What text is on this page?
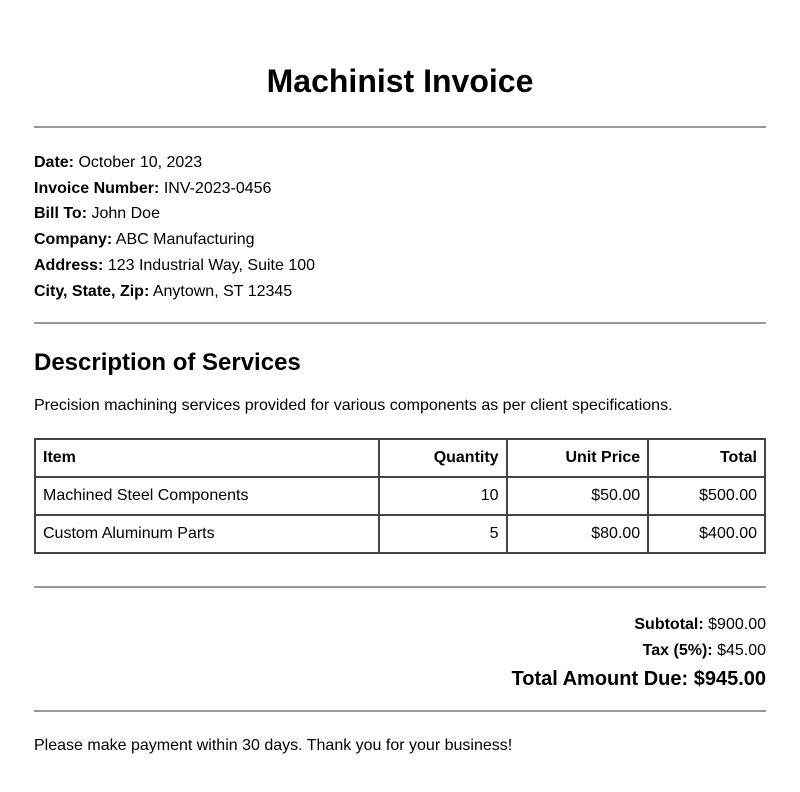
Machinist Invoice
Date: October 10, 2023
Invoice Number: INV-2023-0456
Bill To: John Doe
Company: ABC Manufacturing
Address: 123 Industrial Way, Suite 100
City, State, Zip: Anytown, ST 12345
Description of Services
Precision machining services provided for various components as per client specifications.
Item	Quantity	Unit Price	Total
Machined Steel Components	10	$50.00	$500.00
Custom Aluminum Parts	5	$80.00	$400.00
Subtotal: $900.00
Tax (5%): $45.00
Total Amount Due: $945.00
Please make payment within 30 days. Thank you for your business!
